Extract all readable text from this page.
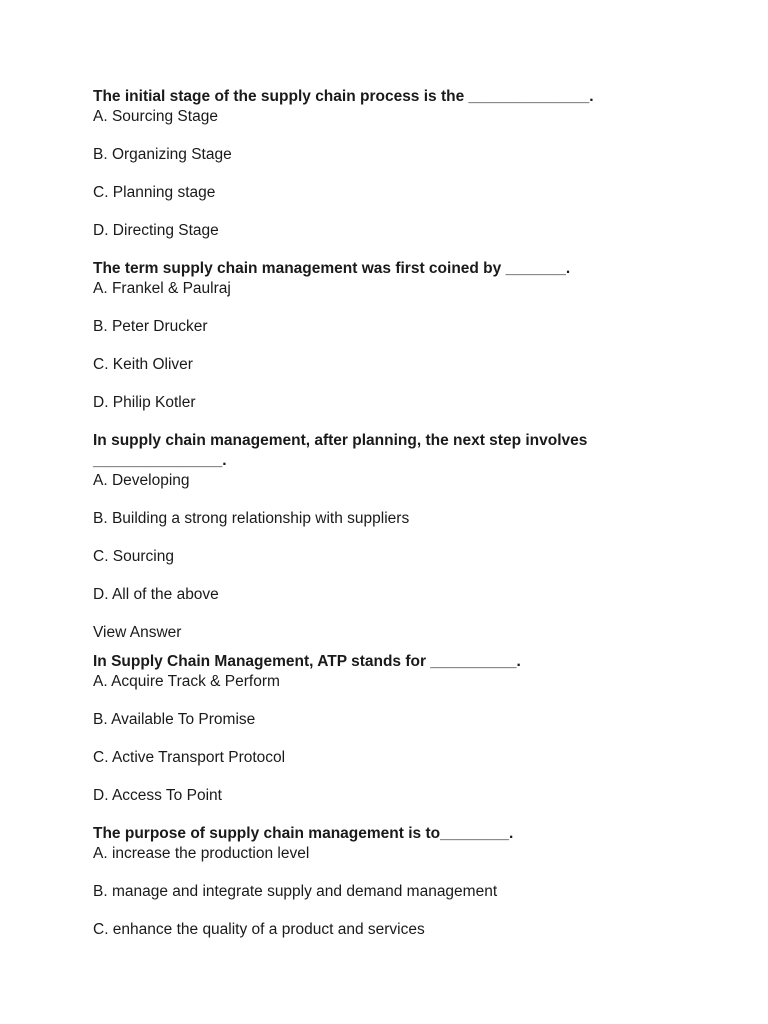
The initial stage of the supply chain process is the ______________.

A. Sourcing Stage

B. Organizing Stage

C. Planning stage

D. Directing Stage

The term supply chain management was first coined by _______.

A. Frankel & Paulraj

B. Peter Drucker

C. Keith Oliver

D. Philip Kotler

In supply chain management, after planning, the next step involves _______________.

A. Developing

B. Building a strong relationship with suppliers

C. Sourcing

D. All of the above

View Answer

In Supply Chain Management, ATP stands for __________.

A. Acquire Track & Perform

B. Available To Promise

C. Active Transport Protocol

D. Access To Point

The purpose of supply chain management is to________.

A. increase the production level

B. manage and integrate supply and demand management

C. enhance the quality of a product and services
